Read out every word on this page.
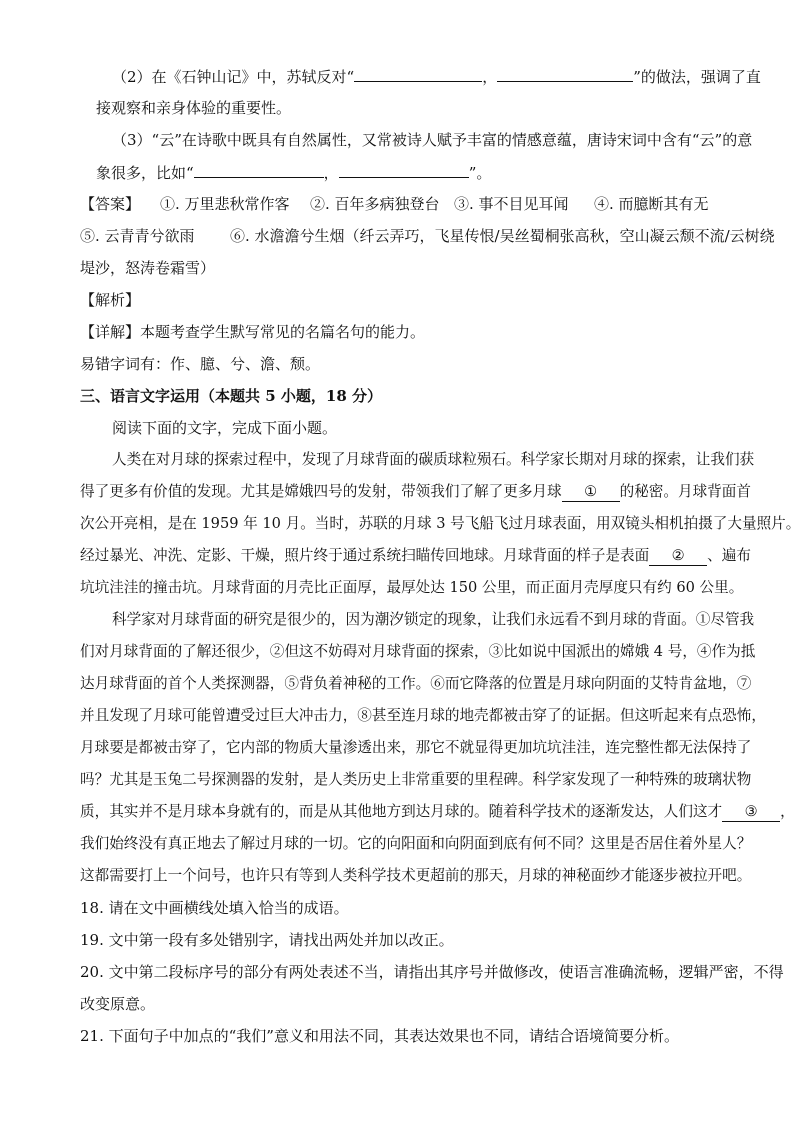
（2）在《石钟山记》中，苏轼反对“	，	”的做法，强调了直
接观察和亲身体验的重要性。
（3）“云”在诗歌中既具有自然属性，又常被诗人赋予丰富的情感意蕴，唐诗宋词中含有“云”的意
象很多，比如“	，	”。
【答案】 ①. 万里悲秋常作客 ②. 百年多病独登台 ③. 事不目见耳闻 ④. 而臆断其有无
⑤. 云青青兮欲雨 ⑥. 水澹澹兮生烟（纤云弄巧，飞星传恨/吴丝蜀桐张高秋，空山凝云颓不流/云树绕
堤沙，怒涛卷霜雪）
【解析】
【详解】本题考查学生默写常见的名篇名句的能力。
易错字词有：作、臆、兮、澹、颓。
三、语言文字运用（本题共 5 小题，18 分）
阅读下面的文字，完成下面小题。
人类在对月球的探索过程中，发现了月球背面的碳质球粒殒石。科学家长期对月球的探索，让我们获
得了更多有价值的发现。尤其是嫦娥四号的发射，带领我们了解了更多月球 ① 的秘密。月球背面首
次公开亮相，是在 1959 年 10 月。当时，苏联的月球 3 号飞船飞过月球表面，用双镜头相机拍摄了大量照片。
经过暴光、冲洗、定影、干燥，照片终于通过系统扫瞄传回地球。月球背面的样子是表面 ② 、遍布
坑坑洼洼的撞击坑。月球背面的月壳比正面厚，最厚处达 150 公里，而正面月壳厚度只有约 60 公里。
科学家对月球背面的研究是很少的，因为潮汐锁定的现象，让我们永远看不到月球的背面。①尽管我
们对月球背面的了解还很少，②但这不妨碍对月球背面的探索，③比如说中国派出的嫦娥 4 号，④作为抵
达月球背面的首个人类探测器，⑤背负着神秘的工作。⑥而它降落的位置是月球向阴面的艾特肯盆地，⑦
并且发现了月球可能曾遭受过巨大冲击力，⑧甚至连月球的地壳都被击穿了的证据。但这听起来有点恐怖，
月球要是都被击穿了，它内部的物质大量渗透出来，那它不就显得更加坑坑洼洼，连完整性都无法保持了
吗？尤其是玉兔二号探测器的发射，是人类历史上非常重要的里程碑。科学家发现了一种特殊的玻璃状物
质，其实并不是月球本身就有的，而是从其他地方到达月球的。随着科学技术的逐渐发达，人们这才 ③ ，
我们始终没有真正地去了解过月球的一切。它的向阳面和向阴面到底有何不同？这里是否居住着外星人？
这都需要打上一个问号，也许只有等到人类科学技术更超前的那天，月球的神秘面纱才能逐步被拉开吧。
18. 请在文中画横线处填入恰当的成语。
19. 文中第一段有多处错别字，请找出两处并加以改正。
20. 文中第二段标序号的部分有两处表述不当，请指出其序号并做修改，使语言准确流畅，逻辑严密，不得
改变原意。
21. 下面句子中加点的“我们”意义和用法不同，其表达效果也不同，请结合语境简要分析。
